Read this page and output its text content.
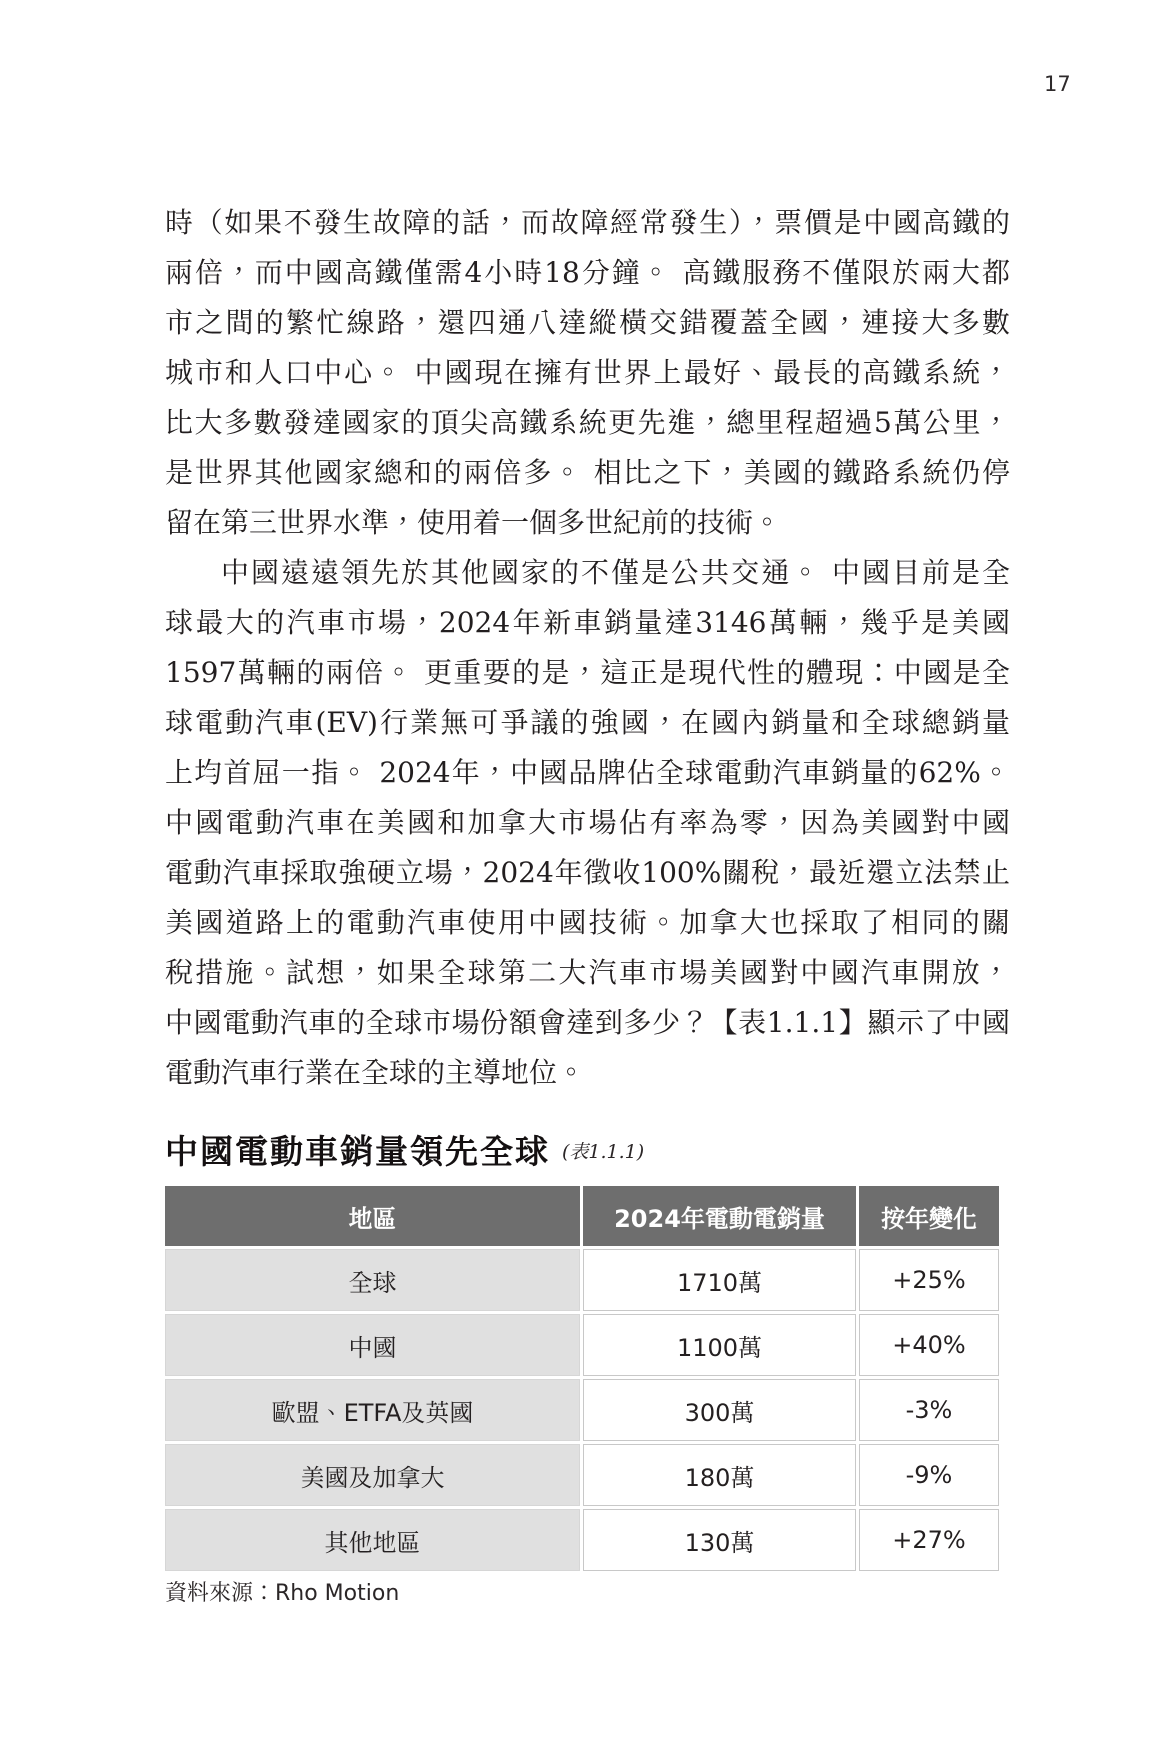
17

時（如果不發生故障的話，而故障經常發生），票價是中國高鐵的

兩倍，而中國高鐵僅需4小時18分鐘。 高鐵服務不僅限於兩大都

市之間的繁忙線路，還四通八達縱橫交錯覆蓋全國，連接大多數

城市和人口中心。 中國現在擁有世界上最好、最長的高鐵系統，

比大多數發達國家的頂尖高鐵系統更先進，總里程超過5萬公里，

是世界其他國家總和的兩倍多。 相比之下，美國的鐵路系統仍停

留在第三世界水準，使用着一個多世紀前的技術。

中國遠遠領先於其他國家的不僅是公共交通。 中國目前是全

球最大的汽車市場，2024年新車銷量達3146萬輛，幾乎是美國

1597萬輛的兩倍。 更重要的是，這正是現代性的體現：中國是全

球電動汽車(EV)行業無可爭議的強國，在國內銷量和全球總銷量

上均首屈一指。 2024年，中國品牌佔全球電動汽車銷量的62%。

中國電動汽車在美國和加拿大市場佔有率為零，因為美國對中國

電動汽車採取強硬立場，2024年徵收100%關稅，最近還立法禁止

美國道路上的電動汽車使用中國技術。加拿大也採取了相同的關

稅措施。試想，如果全球第二大汽車市場美國對中國汽車開放，

中國電動汽車的全球市場份額會達到多少？【表1.1.1】顯示了中國

電動汽車行業在全球的主導地位。

中國電動車銷量領先全球 (表1.1.1)
地區	2024年電動電銷量	按年變化
全球	1710萬	+25%
中國	1100萬	+40%
歐盟、ETFA及英國	300萬	-3%
美國及加拿大	180萬	-9%
其他地區	130萬	+27%
資料來源：Rho Motion
